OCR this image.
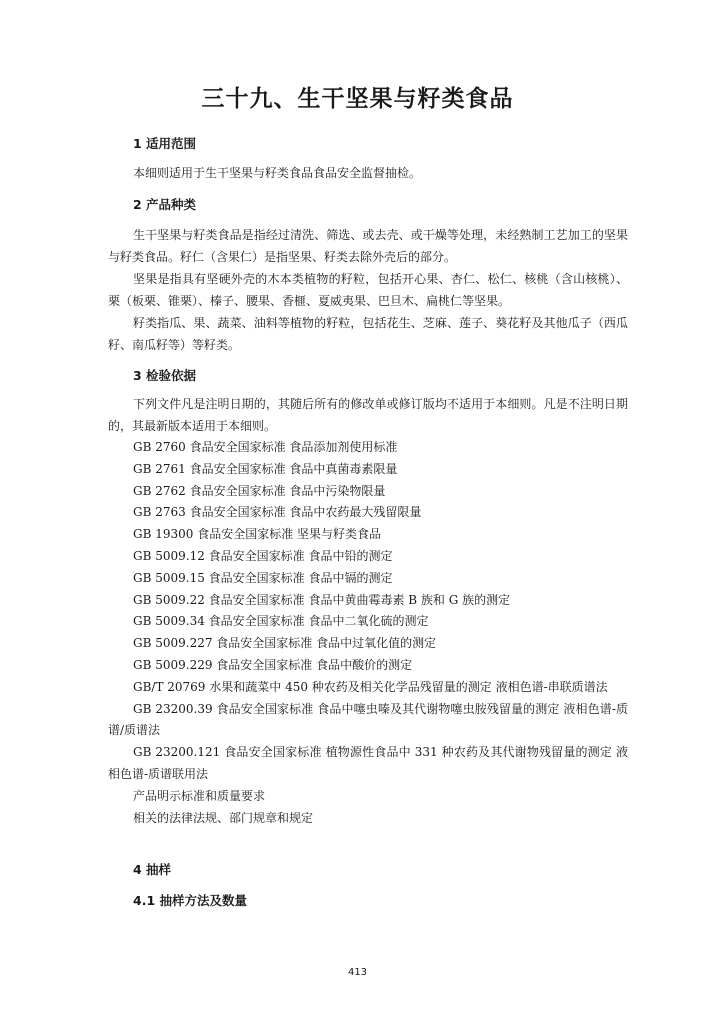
三十九、生干坚果与籽类食品
1 适用范围

本细则适用于生干坚果与籽类食品食品安全监督抽检。

2 产品种类

生干坚果与籽类食品是指经过清洗、筛选、或去壳、或干燥等处理，未经熟制工艺加工的坚果与籽类食品。籽仁（含果仁）是指坚果、籽类去除外壳后的部分。

坚果是指具有坚硬外壳的木本类植物的籽粒，包括开心果、杏仁、松仁、核桃（含山核桃）、栗（板栗、锥栗）、榛子、腰果、香榧、夏威夷果、巴旦木、扁桃仁等坚果。

籽类指瓜、果、蔬菜、油料等植物的籽粒，包括花生、芝麻、莲子、葵花籽及其他瓜子（西瓜籽、南瓜籽等）等籽类。

3 检验依据

下列文件凡是注明日期的，其随后所有的修改单或修订版均不适用于本细则。凡是不注明日期的，其最新版本适用于本细则。

GB 2760 食品安全国家标准 食品添加剂使用标准
GB 2761 食品安全国家标准 食品中真菌毒素限量
GB 2762 食品安全国家标准 食品中污染物限量
GB 2763 食品安全国家标准 食品中农药最大残留限量
GB 19300 食品安全国家标准 坚果与籽类食品
GB 5009.12 食品安全国家标准 食品中铅的测定
GB 5009.15 食品安全国家标准 食品中镉的测定
GB 5009.22 食品安全国家标准 食品中黄曲霉毒素 B 族和 G 族的测定
GB 5009.34 食品安全国家标准 食品中二氧化硫的测定
GB 5009.227 食品安全国家标准 食品中过氧化值的测定
GB 5009.229 食品安全国家标准 食品中酸价的测定
GB/T 20769 水果和蔬菜中 450 种农药及相关化学品残留量的测定 液相色谱-串联质谱法
GB 23200.39 食品安全国家标准 食品中噻虫嗪及其代谢物噻虫胺残留量的测定 液相色谱-质谱/质谱法
GB 23200.121 食品安全国家标准 植物源性食品中 331 种农药及其代谢物残留量的测定 液相色谱-质谱联用法
产品明示标准和质量要求
相关的法律法规、部门规章和规定
4 抽样
4.1 抽样方法及数量
413
